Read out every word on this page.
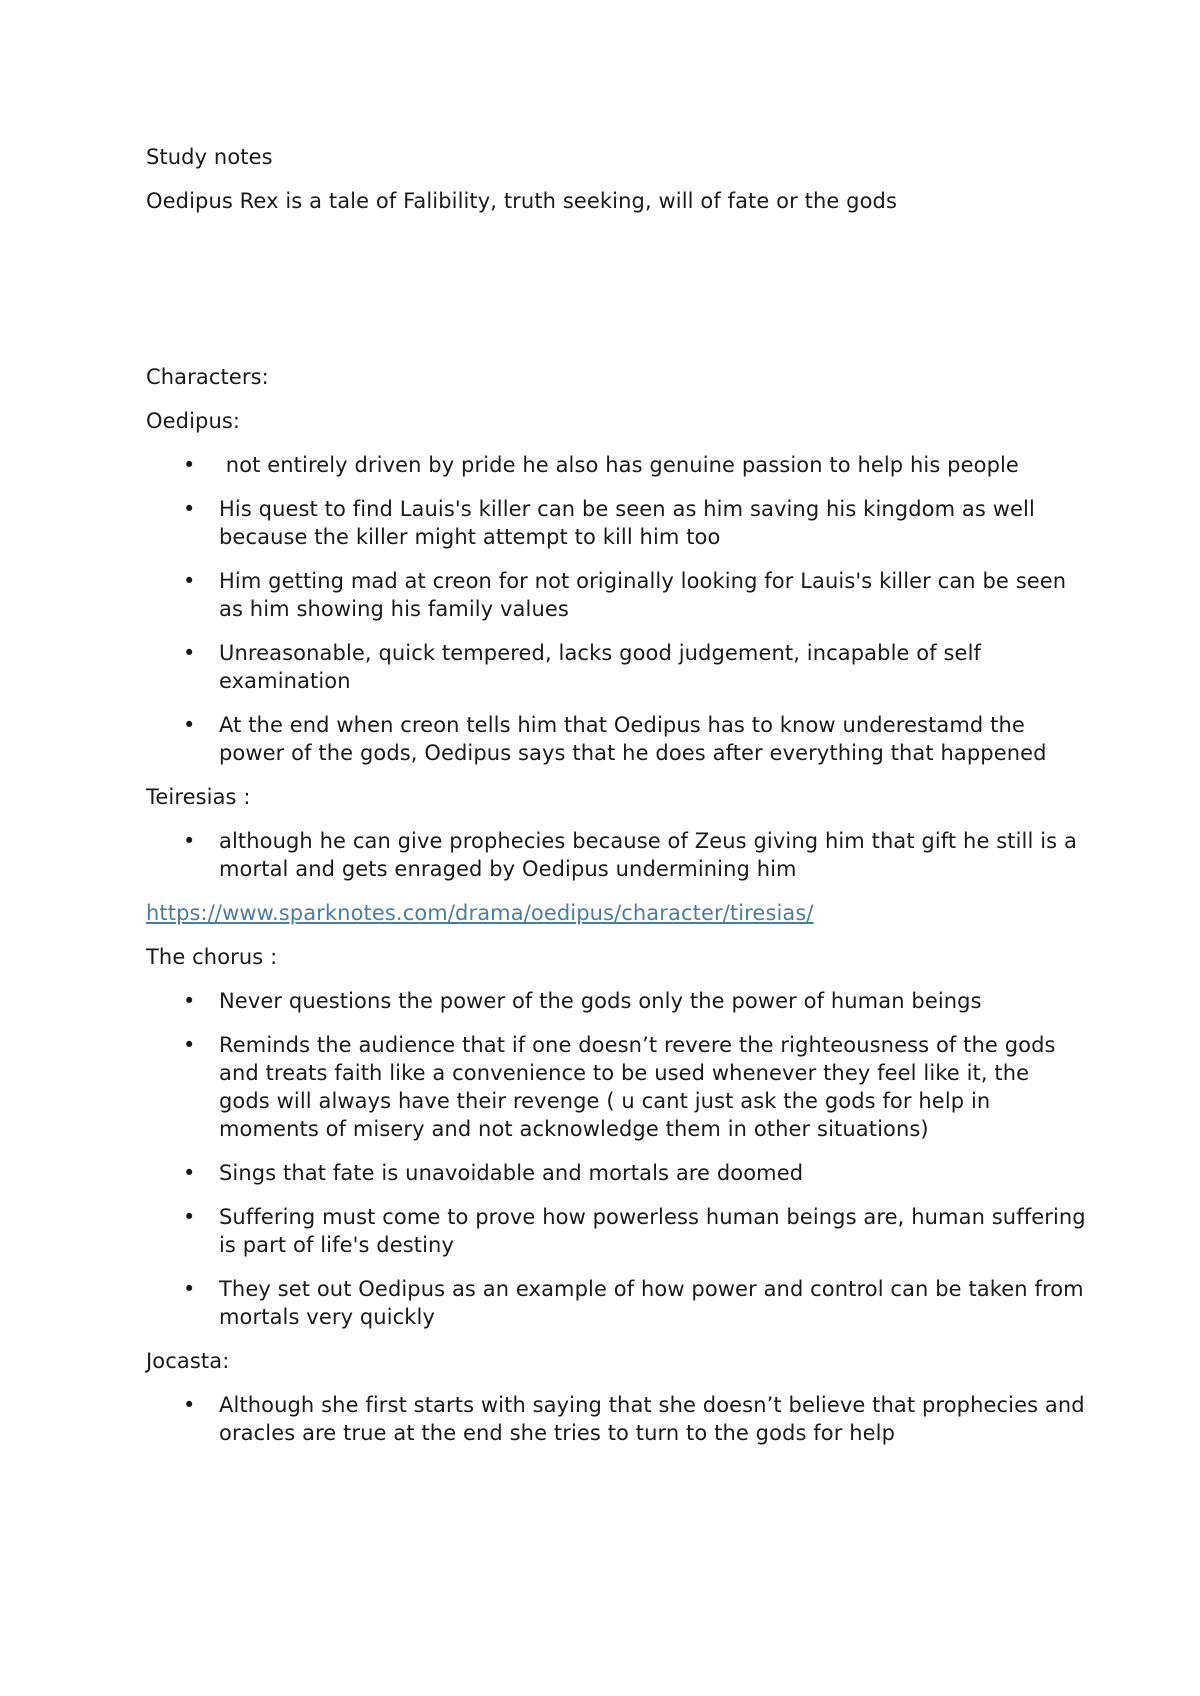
Study notes

Oedipus Rex is a tale of Falibility, truth seeking, will of fate or the gods

Characters:

Oedipus:

• not entirely driven by pride he also has genuine passion to help his people
• His quest to find Lauis's killer can be seen as him saving his kingdom as well because the killer might attempt to kill him too
• Him getting mad at creon for not originally looking for Lauis's killer can be seen as him showing his family values
• Unreasonable, quick tempered, lacks good judgement, incapable of self examination
• At the end when creon tells him that Oedipus has to know underestamd the power of the gods, Oedipus says that he does after everything that happened

Teiresias :

• although he can give prophecies because of Zeus giving him that gift he still is a mortal and gets enraged by Oedipus undermining him

https://www.sparknotes.com/drama/oedipus/character/tiresias/

The chorus :

• Never questions the power of the gods only the power of human beings
• Reminds the audience that if one doesn’t revere the righteousness of the gods and treats faith like a convenience to be used whenever they feel like it, the gods will always have their revenge ( u cant just ask the gods for help in moments of misery and not acknowledge them in other situations)
• Sings that fate is unavoidable and mortals are doomed
• Suffering must come to prove how powerless human beings are, human suffering is part of life's destiny
• They set out Oedipus as an example of how power and control can be taken from mortals very quickly

Jocasta:

• Although she first starts with saying that she doesn’t believe that prophecies and oracles are true at the end she tries to turn to the gods for help
